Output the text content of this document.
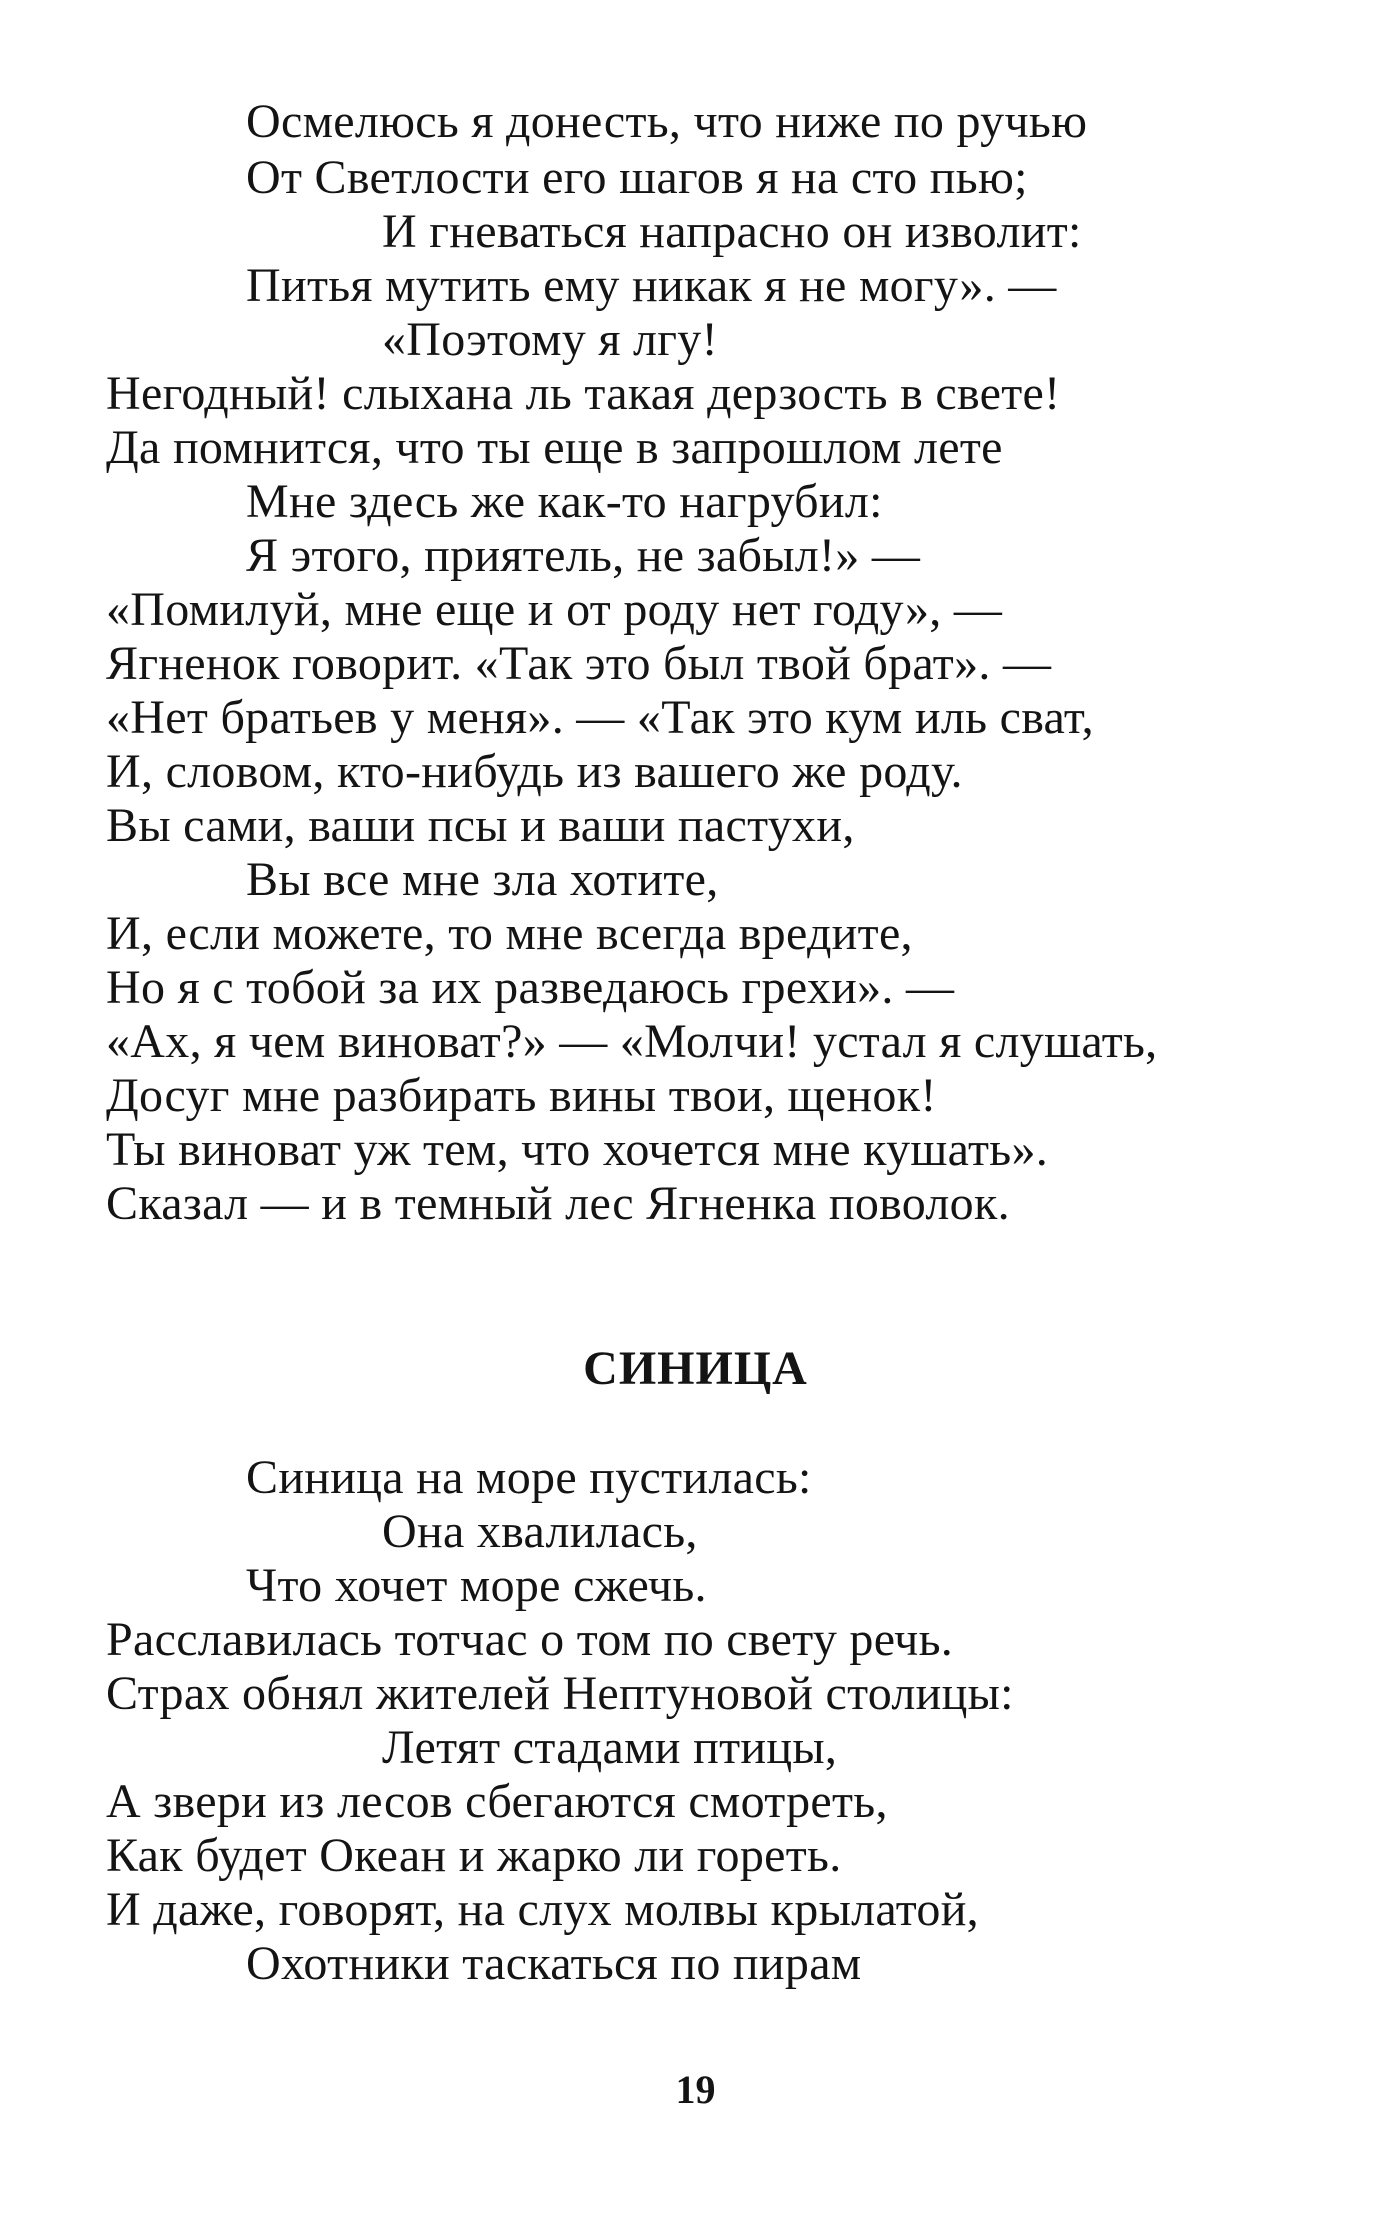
Осмелюсь я донесть, что ниже по ручью
От Светлости его шагов я на сто пью;
И гневаться напрасно он изволит:
Питья мутить ему никак я не могу». —
«Поэтому я лгу!
Негодный! слыхана ль такая дерзость в свете!
Да помнится, что ты еще в запрошлом лете
Мне здесь же как-то нагрубил:
Я этого, приятель, не забыл!» —
«Помилуй, мне еще и от роду нет году», —
Ягненок говорит. «Так это был твой брат». —
«Нет братьев у меня». — «Так это кум иль сват,
И, словом, кто-нибудь из вашего же роду.
Вы сами, ваши псы и ваши пастухи,
Вы все мне зла хотите,
И, если можете, то мне всегда вредите,
Но я с тобой за их разведаюсь грехи». —
«Ах, я чем виноват?» — «Молчи! устал я слушать,
Досуг мне разбирать вины твои, щенок!
Ты виноват уж тем, что хочется мне кушать».
Сказал — и в темный лес Ягненка поволок.
СИНИЦА
Синица на море пустилась:
Она хвалилась,
Что хочет море сжечь.
Расславилась тотчас о том по свету речь.
Страх обнял жителей Нептуновой столицы:
Летят стадами птицы,
А звери из лесов сбегаются смотреть,
Как будет Океан и жарко ли гореть.
И даже, говорят, на слух молвы крылатой,
Охотники таскаться по пирам
19
